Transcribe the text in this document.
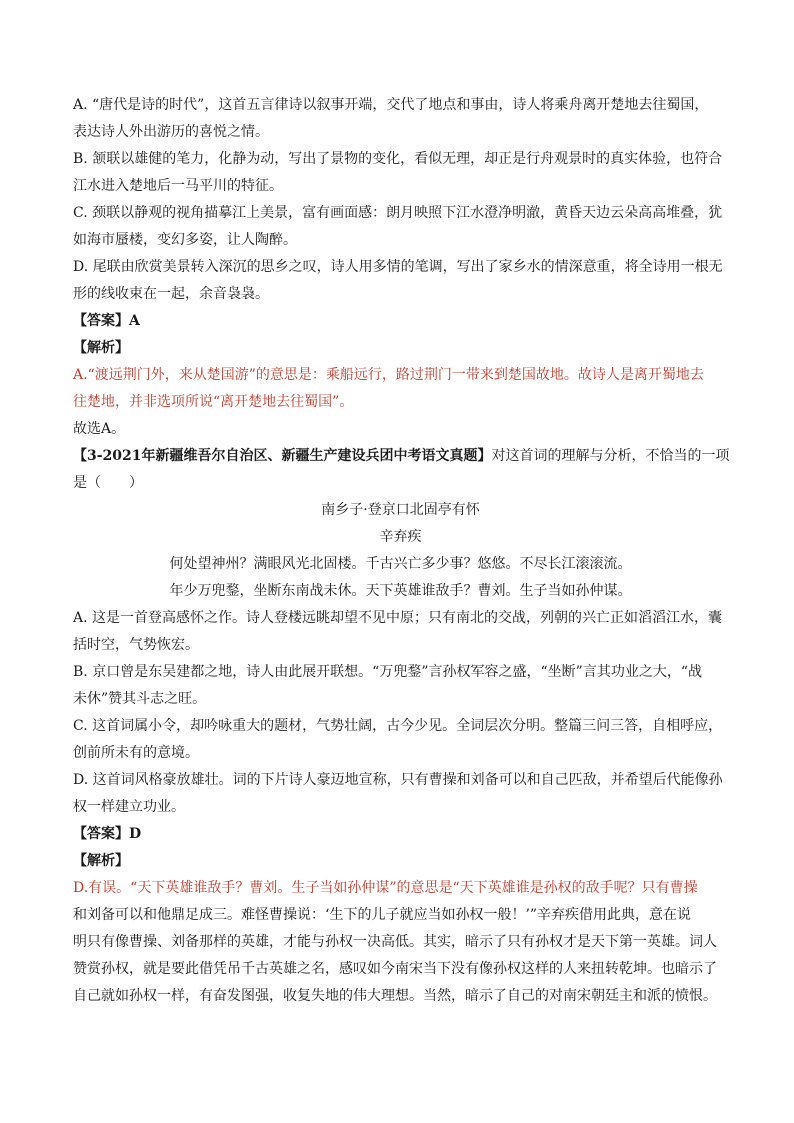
A. “唐代是诗的时代”，这首五言律诗以叙事开端，交代了地点和事由，诗人将乘舟离开楚地去往蜀国，
表达诗人外出游历的喜悦之情。
B. 颔联以雄健的笔力，化静为动，写出了景物的变化，看似无理，却正是行舟观景时的真实体验，也符合
江水进入楚地后一马平川的特征。
C. 颈联以静观的视角描摹江上美景，富有画面感：朗月映照下江水澄净明澈，黄昏天边云朵高高堆叠，犹
如海市蜃楼，变幻多姿，让人陶醉。
D. 尾联由欣赏美景转入深沉的思乡之叹，诗人用多情的笔调，写出了家乡水的情深意重，将全诗用一根无
形的线收束在一起，余音袅袅。
【答案】A
【解析】
A.“渡远荆门外，来从楚国游”的意思是：乘船远行，路过荆门一带来到楚国故地。故诗人是离开蜀地去
往楚地，并非选项所说“离开楚地去往蜀国”。
故选A。
【3-2021年新疆维吾尔自治区、新疆生产建设兵团中考语文真题】对这首词的理解与分析，不恰当的一项
是（　　）
南乡子·登京口北固亭有怀
辛弃疾
何处望神州？满眼风光北固楼。千古兴亡多少事？悠悠。不尽长江滚滚流。
年少万兜鍪，坐断东南战未休。天下英雄谁敌手？曹刘。生子当如孙仲谋。
A. 这是一首登高感怀之作。诗人登楼远眺却望不见中原；只有南北的交战，列朝的兴亡正如滔滔江水，囊
括时空，气势恢宏。
B. 京口曾是东吴建都之地，诗人由此展开联想。“万兜鍪”言孙权军容之盛，“坐断”言其功业之大，“战
未休”赞其斗志之旺。
C. 这首词属小令，却吟咏重大的题材，气势壮阔，古今少见。全词层次分明。整篇三问三答，自相呼应，
创前所未有的意境。
D. 这首词风格豪放雄壮。词的下片诗人豪迈地宣称，只有曹操和刘备可以和自己匹敌，并希望后代能像孙
权一样建立功业。
【答案】D
【解析】
D.有误。“天下英雄谁敌手？曹刘。生子当如孙仲谋”的意思是“天下英雄谁是孙权的敌手呢？只有曹操
和刘备可以和他鼎足成三。难怪曹操说：‘生下的儿子就应当如孙权一般！’”辛弃疾借用此典，意在说
明只有像曹操、刘备那样的英雄，才能与孙权一决高低。其实，暗示了只有孙权才是天下第一英雄。词人
赞赏孙权，就是要此借凭吊千古英雄之名，感叹如今南宋当下没有像孙权这样的人来扭转乾坤。也暗示了
自己就如孙权一样，有奋发图强，收复失地的伟大理想。当然，暗示了自己的对南宋朝廷主和派的愤恨。
